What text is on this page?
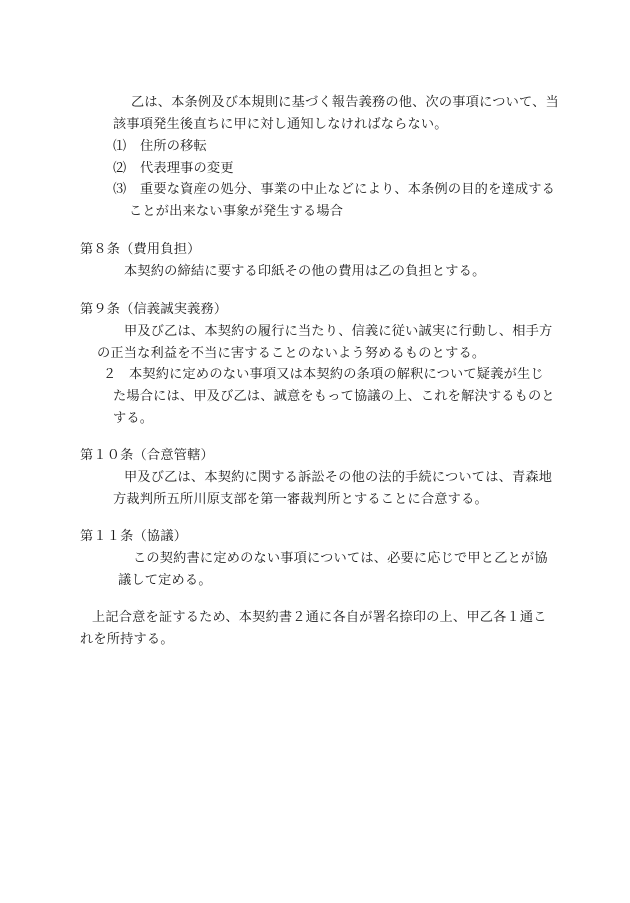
乙は、本条例及び本規則に基づく報告義務の他、次の事項について、当
該事項発生後直ちに甲に対し通知しなければならない。
⑴ 住所の移転
⑵ 代表理事の変更
⑶ 重要な資産の処分、事業の中止などにより、本条例の目的を達成する
ことが出来ない事象が発生する場合
第８条（費用負担）
本契約の締結に要する印紙その他の費用は乙の負担とする。
第９条（信義誠実義務）
甲及び乙は、本契約の履行に当たり、信義に従い誠実に行動し、相手方
の正当な利益を不当に害することのないよう努めるものとする。
２ 本契約に定めのない事項又は本契約の条項の解釈について疑義が生じ
た場合には、甲及び乙は、誠意をもって協議の上、これを解決するものと
する。
第１０条（合意管轄）
甲及び乙は、本契約に関する訴訟その他の法的手続については、青森地
方裁判所五所川原支部を第一審裁判所とすることに合意する。
第１１条（協議）
この契約書に定めのない事項については、必要に応じで甲と乙とが協
議して定める。
上記合意を証するため、本契約書２通に各自が署名捺印の上、甲乙各１通こ
れを所持する。
